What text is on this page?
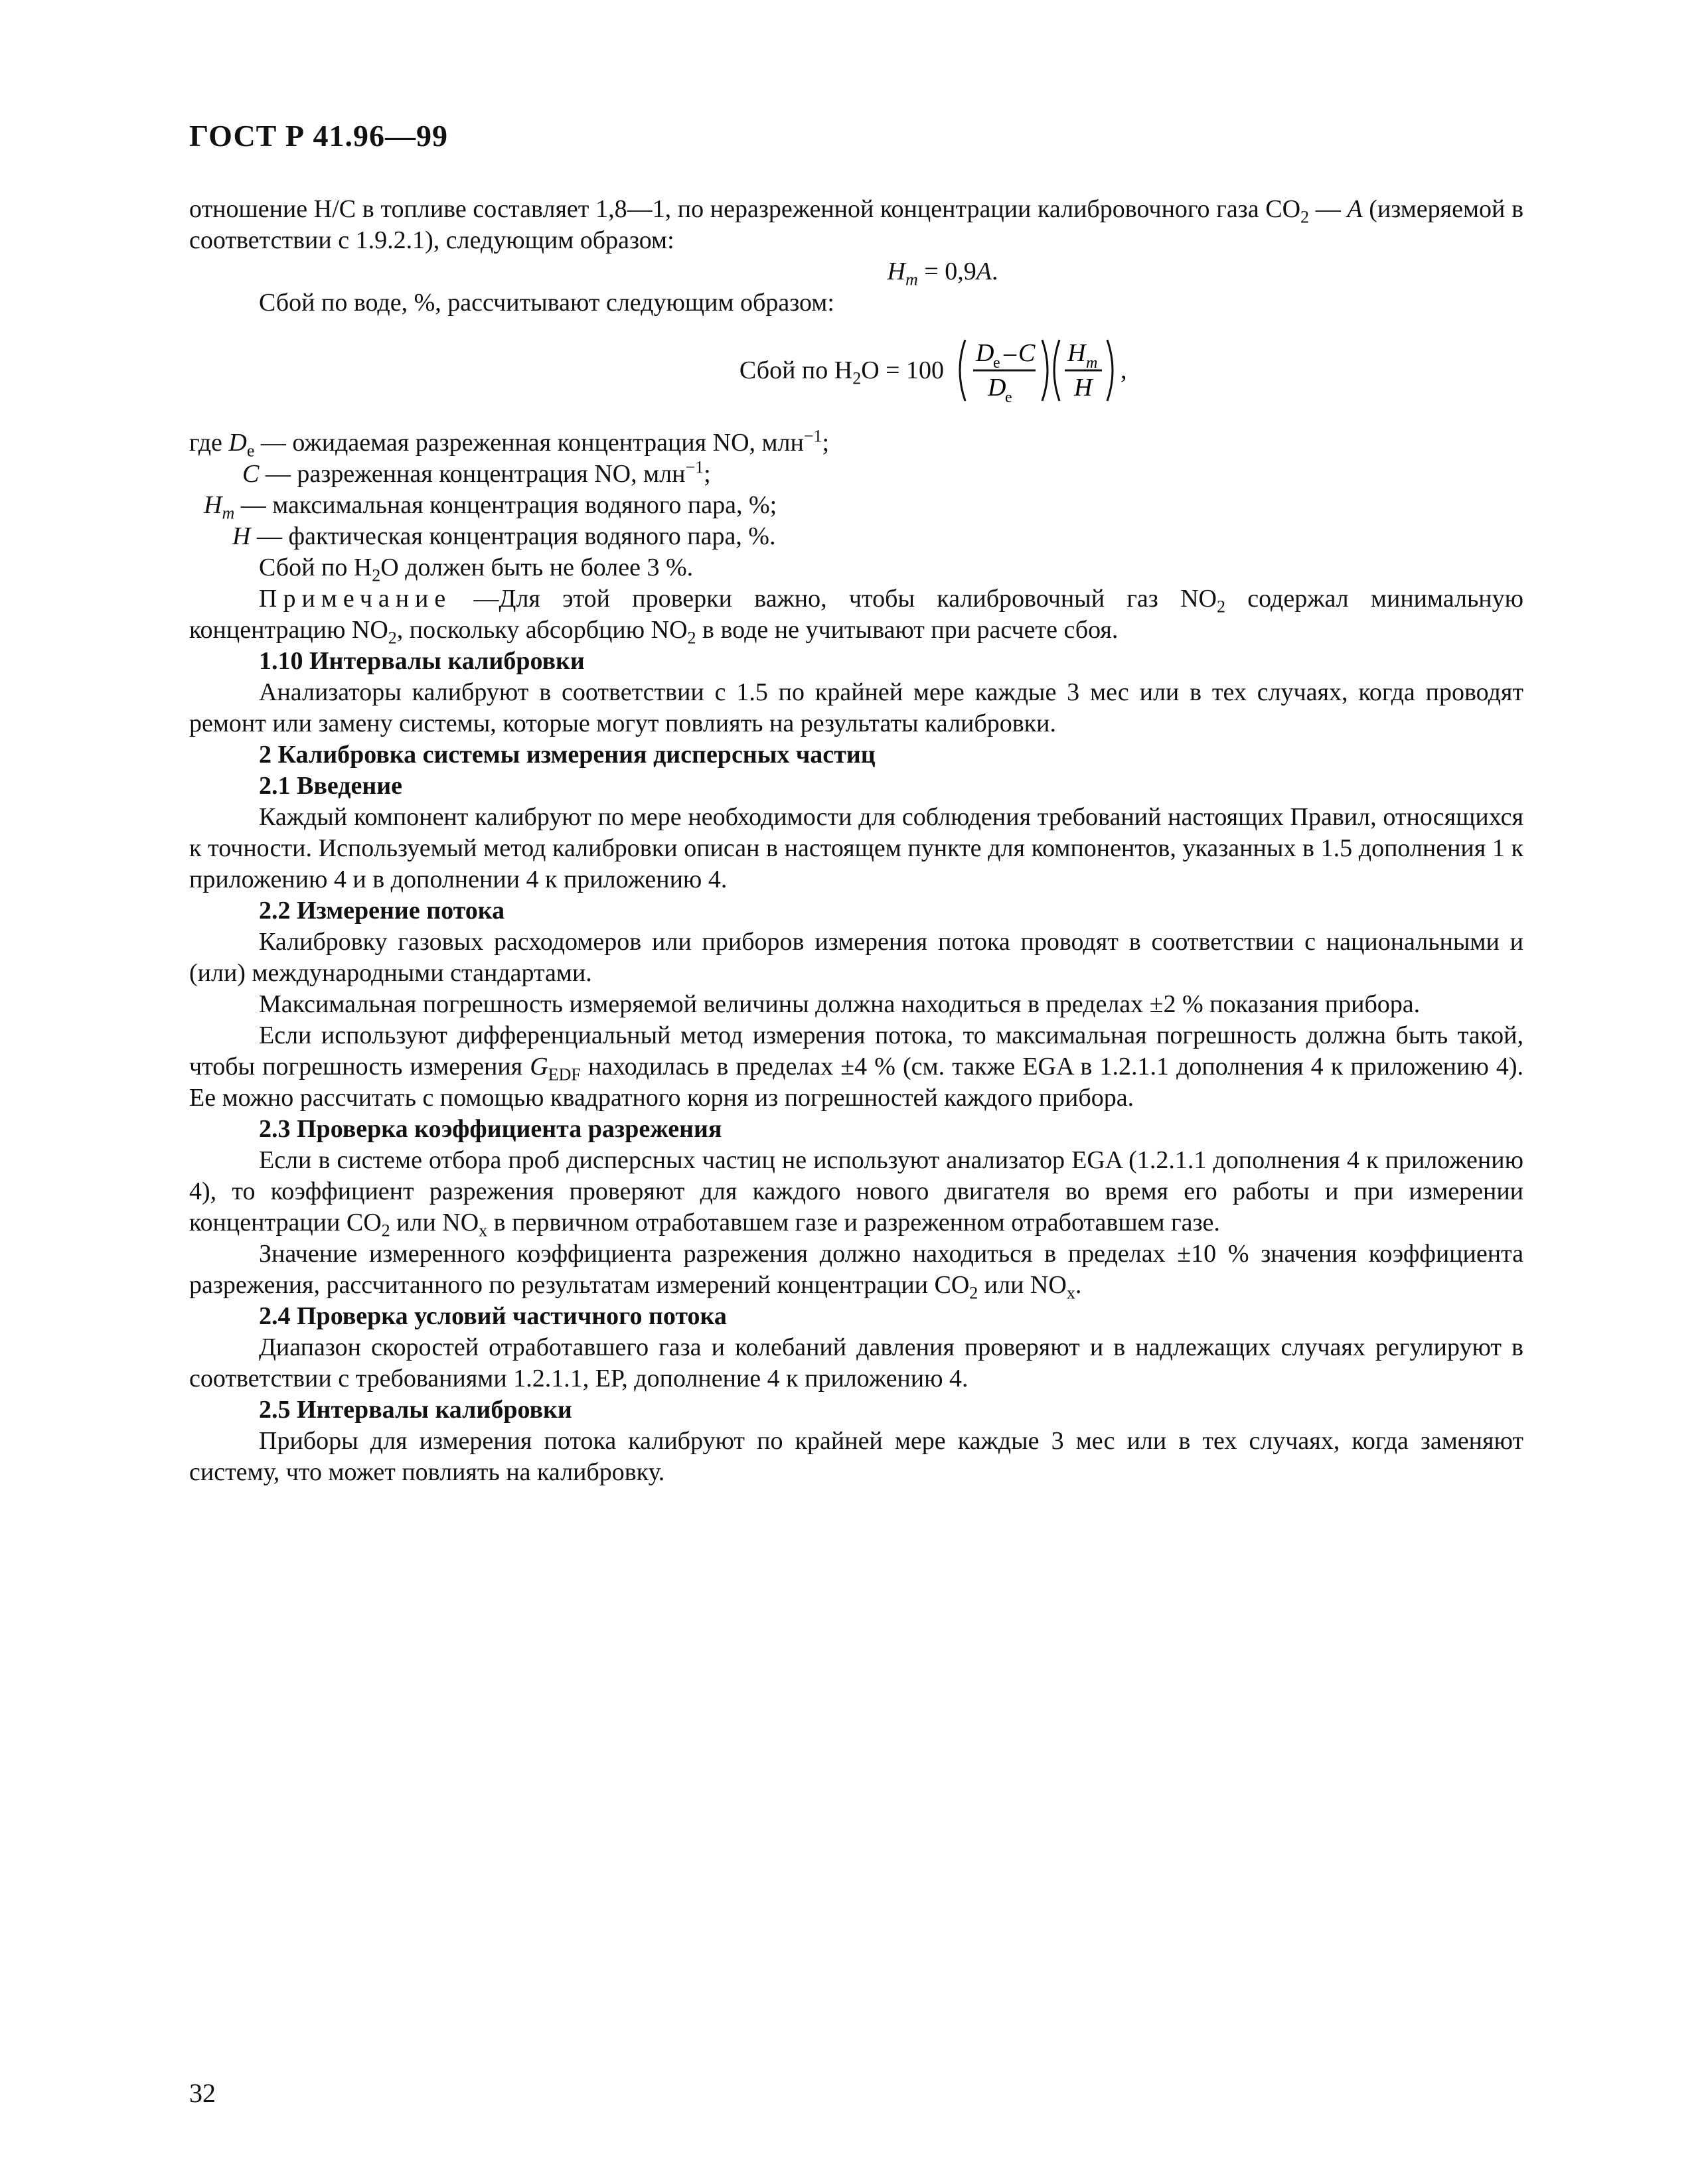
ГОСТ Р 41.96—99

отношение Н/С в топливе составляет 1,8—1, по неразреженной концентрации калибровочного газа $СО_2$ — A (измеряемой в соответствии с 1.9.2.1), следующим образом:

$H_m = 0,9A$.

Сбой по воде, %, рассчитывают следующим образом:

Сбой по $Н_2О = 100$
D
e – C
D
e
H m
H
,
где $D_e$ — ожидаемая разреженная концентрация NO, млн$^{-1}$;
C — разреженная концентрация NO, млн$^{-1}$;
$H_m$ — максимальная концентрация водяного пара, %;
H — фактическая концентрация водяного пара, %.
Сбой по $Н_2О$ должен быть не более 3 %.

Примечание —Для этой проверки важно, чтобы калибровочный газ $NO_2$ содержал минимальную концентрацию $NO_2$, поскольку абсорбцию $NO_2$ в воде не учитывают при расчете сбоя.

1.10 Интервалы калибровки

Анализаторы калибруют в соответствии с 1.5 по крайней мере каждые 3 мес или в тех случаях, когда проводят ремонт или замену системы, которые могут повлиять на результаты калибровки.

2 Калибровка системы измерения дисперсных частиц

2.1 Введение

Каждый компонент калибруют по мере необходимости для соблюдения требований настоящих Правил, относящихся к точности. Используемый метод калибровки описан в настоящем пункте для компонентов, указанных в 1.5 дополнения 1 к приложению 4 и в дополнении 4 к приложению 4.

2.2 Измерение потока

Калибровку газовых расходомеров или приборов измерения потока проводят в соответствии с национальными и (или) международными стандартами.

Максимальная погрешность измеряемой величины должна находиться в пределах ±2 % показания прибора.

Если используют дифференциальный метод измерения потока, то максимальная погрешность должна быть такой, чтобы погрешность измерения $G_{EDF}$ находилась в пределах ±4 % (см. также EGA в 1.2.1.1 дополнения 4 к приложению 4). Ее можно рассчитать с помощью квадратного корня из погрешностей каждого прибора.

2.3 Проверка коэффициента разрежения

Если в системе отбора проб дисперсных частиц не используют анализатор EGA (1.2.1.1 дополнения 4 к приложению 4), то коэффициент разрежения проверяют для каждого нового двигателя во время его работы и при измерении концентрации $СО_2$ или $NO_x$ в первичном отработавшем газе и разреженном отработавшем газе.

Значение измеренного коэффициента разрежения должно находиться в пределах ±10 % значения коэффициента разрежения, рассчитанного по результатам измерений концентрации $СО_2$ или $NO_x$.

2.4 Проверка условий частичного потока

Диапазон скоростей отработавшего газа и колебаний давления проверяют и в надлежащих случаях регулируют в соответствии с требованиями 1.2.1.1, ЕР, дополнение 4 к приложению 4.

2.5 Интервалы калибровки

Приборы для измерения потока калибруют по крайней мере каждые 3 мес или в тех случаях, когда заменяют систему, что может повлиять на калибровку.

32
